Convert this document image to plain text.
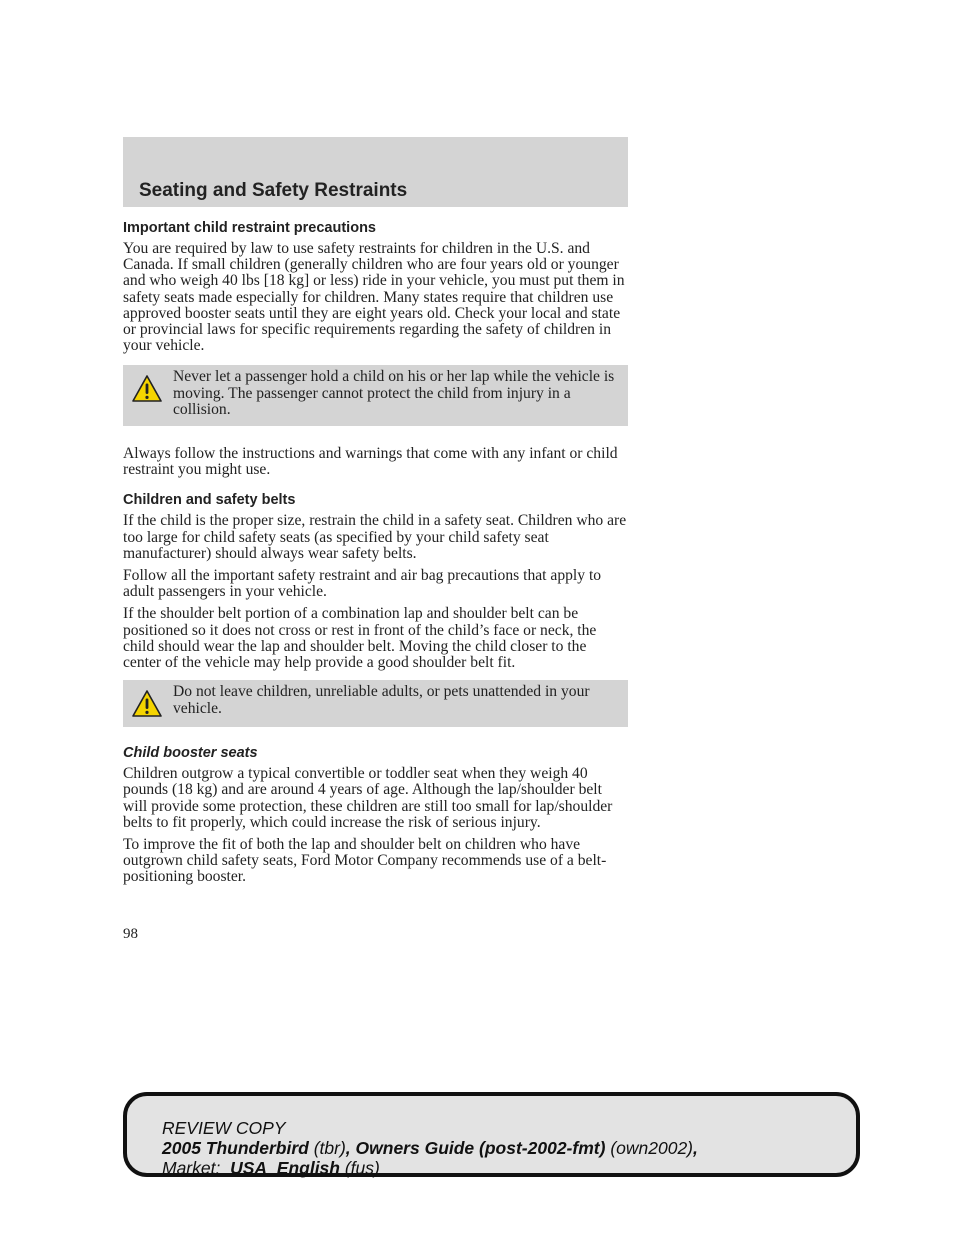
Seating and Safety Restraints
Important child restraint precautions

You are required by law to use safety restraints for children in the U.S. and Canada. If small children (generally children who are four years old or younger and who weigh 40 lbs [18 kg] or less) ride in your vehicle, you must put them in safety seats made especially for children. Many states require that children use approved booster seats until they are eight years old. Check your local and state or provincial laws for specific requirements regarding the safety of children in your vehicle.

Never let a passenger hold a child on his or her lap while the vehicle is moving. The passenger cannot protect the child from injury in a collision.

Always follow the instructions and warnings that come with any infant or child restraint you might use.

Children and safety belts

If the child is the proper size, restrain the child in a safety seat. Children who are too large for child safety seats (as specified by your child safety seat manufacturer) should always wear safety belts.

Follow all the important safety restraint and air bag precautions that apply to adult passengers in your vehicle.

If the shoulder belt portion of a combination lap and shoulder belt can be positioned so it does not cross or rest in front of the child’s face or neck, the child should wear the lap and shoulder belt. Moving the child closer to the center of the vehicle may help provide a good shoulder belt fit.

Do not leave children, unreliable adults, or pets unattended in your vehicle.
Child booster seats

Children outgrow a typical convertible or toddler seat when they weigh 40 pounds (18 kg) and are around 4 years of age. Although the lap/shoulder belt will provide some protection, these children are still too small for lap/shoulder belts to fit properly, which could increase the risk of serious injury.

To improve the fit of both the lap and shoulder belt on children who have outgrown child safety seats, Ford Motor Company recommends use of a belt-positioning booster.

98
REVIEW COPY
2005 Thunderbird (tbr), Owners Guide (post-2002-fmt) (own2002),
Market: USA_English (fus)
